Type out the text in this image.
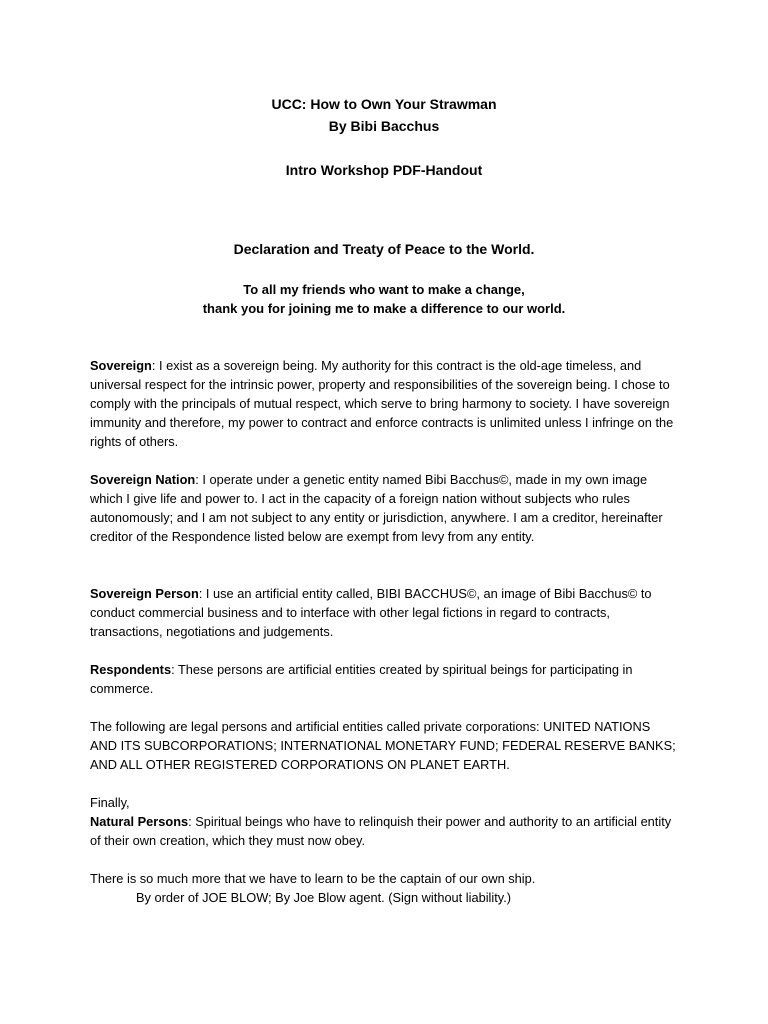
UCC: How to Own Your Strawman
By Bibi Bacchus
Intro Workshop PDF-Handout
Declaration and Treaty of Peace to the World.
To all my friends who want to make a change,
thank you for joining me to make a difference to our world.

Sovereign: I exist as a sovereign being. My authority for this contract is the old-age timeless, and universal respect for the intrinsic power, property and responsibilities of the sovereign being. I chose to comply with the principals of mutual respect, which serve to bring harmony to society. I have sovereign immunity and therefore, my power to contract and enforce contracts is unlimited unless I infringe on the rights of others.

Sovereign Nation: I operate under a genetic entity named Bibi Bacchus©, made in my own image which I give life and power to. I act in the capacity of a foreign nation without subjects who rules autonomously; and I am not subject to any entity or jurisdiction, anywhere. I am a creditor, hereinafter creditor of the Respondence listed below are exempt from levy from any entity.

Sovereign Person: I use an artificial entity called, BIBI BACCHUS©, an image of Bibi Bacchus© to conduct commercial business and to interface with other legal fictions in regard to contracts, transactions, negotiations and judgements.

Respondents: These persons are artificial entities created by spiritual beings for participating in commerce.

The following are legal persons and artificial entities called private corporations: UNITED NATIONS AND ITS SUBCORPORATIONS; INTERNATIONAL MONETARY FUND; FEDERAL RESERVE BANKS; AND ALL OTHER REGISTERED CORPORATIONS ON PLANET EARTH.

Finally,
Natural Persons: Spiritual beings who have to relinquish their power and authority to an artificial entity of their own creation, which they must now obey.

There is so much more that we have to learn to be the captain of our own ship.
By order of JOE BLOW; By Joe Blow agent. (Sign without liability.)
